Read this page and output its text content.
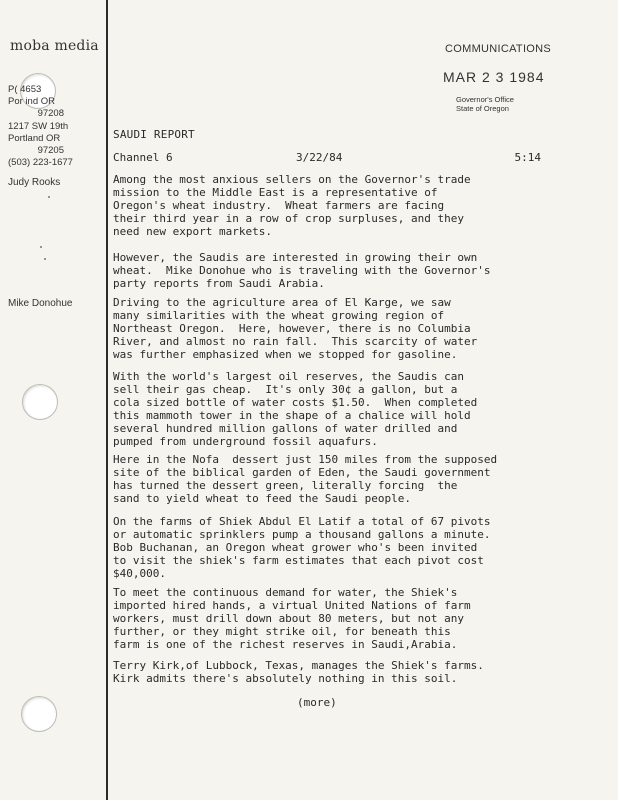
moba media
P( 4653
Por ind OR
97208
1217 SW 19th
Portland OR
97205
(503) 223-1677
Judy Rooks
Mike Donohue
COMMUNICATIONS
MAR 2 3 1984
Governor's Office
State of Oregon
SAUDI REPORT
Channel 6	3/22/84	5:14
Among the most anxious sellers on the Governor's trade
mission to the Middle East is a representative of
Oregon's wheat industry.  Wheat farmers are facing
their third year in a row of crop surpluses, and they
need new export markets.
However, the Saudis are interested in growing their own
wheat.  Mike Donohue who is traveling with the Governor's
party reports from Saudi Arabia.
Driving to the agriculture area of El Karge, we saw
many similarities with the wheat growing region of
Northeast Oregon.  Here, however, there is no Columbia
River, and almost no rain fall.  This scarcity of water
was further emphasized when we stopped for gasoline.
With the world's largest oil reserves, the Saudis can
sell their gas cheap.  It's only 30¢ a gallon, but a
cola sized bottle of water costs $1.50.  When completed
this mammoth tower in the shape of a chalice will hold
several hundred million gallons of water drilled and
pumped from underground fossil aquafurs.
Here in the Nofa  dessert just 150 miles from the supposed
site of the biblical garden of Eden, the Saudi government
has turned the dessert green, literally forcing  the
sand to yield wheat to feed the Saudi people.
On the farms of Shiek Abdul El Latif a total of 67 pivots
or automatic sprinklers pump a thousand gallons a minute.
Bob Buchanan, an Oregon wheat grower who's been invited
to visit the shiek's farm estimates that each pivot cost
$40,000.
To meet the continuous demand for water, the Shiek's
imported hired hands, a virtual United Nations of farm
workers, must drill down about 80 meters, but not any
further, or they might strike oil, for beneath this
farm is one of the richest reserves in Saudi,Arabia.
Terry Kirk,of Lubbock, Texas, manages the Shiek's farms.
Kirk admits there's absolutely nothing in this soil.
(more)
